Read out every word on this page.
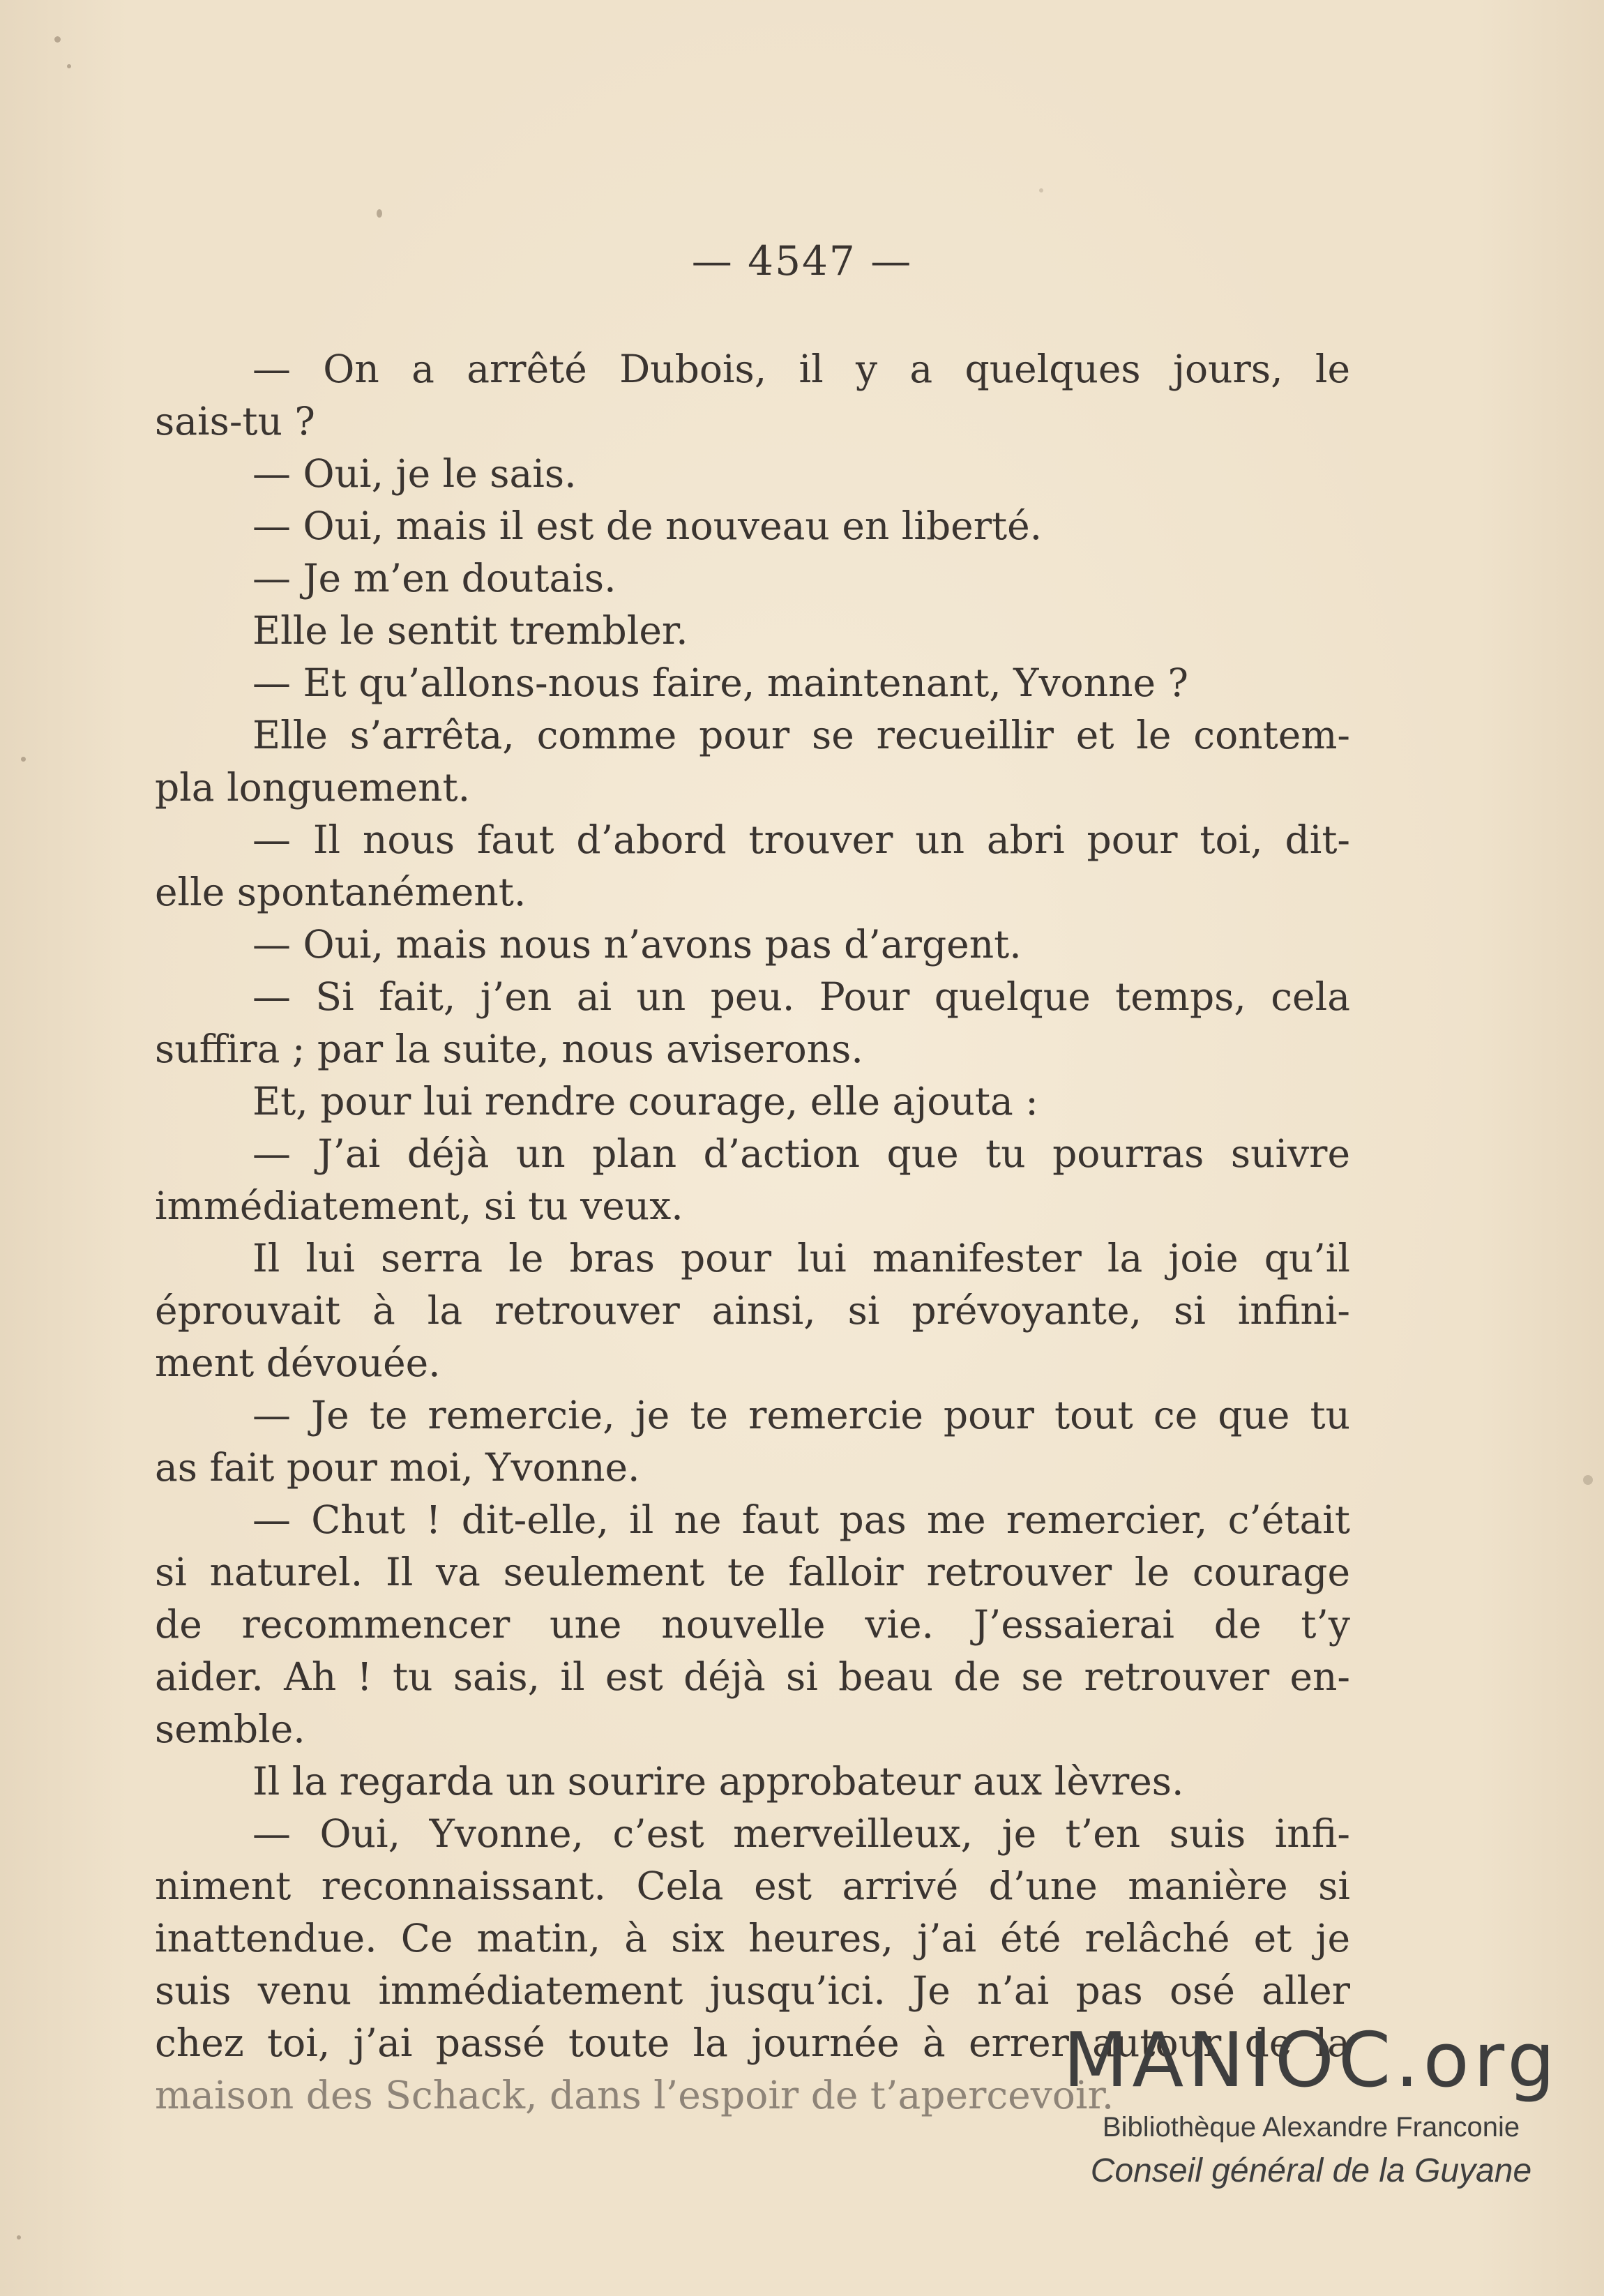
— 4547 —
— On a arrêté Dubois, il y a quelques jours, le
sais-tu ?
— Oui, je le sais.
— Oui, mais il est de nouveau en liberté.
— Je m’en doutais.
Elle le sentit trembler.
— Et qu’allons-nous faire, maintenant, Yvonne ?
Elle s’arrêta, comme pour se recueillir et le contem-
pla longuement.
— Il nous faut d’abord trouver un abri pour toi, dit-
elle spontanément.
— Oui, mais nous n’avons pas d’argent.
— Si fait, j’en ai un peu. Pour quelque temps, cela
suffira ; par la suite, nous aviserons.
Et, pour lui rendre courage, elle ajouta :
— J’ai déjà un plan d’action que tu pourras suivre
immédiatement, si tu veux.
Il lui serra le bras pour lui manifester la joie qu’il
éprouvait à la retrouver ainsi, si prévoyante, si infini-
ment dévouée.
— Je te remercie, je te remercie pour tout ce que tu
as fait pour moi, Yvonne.
— Chut ! dit-elle, il ne faut pas me remercier, c’était
si naturel. Il va seulement te falloir retrouver le courage
de recommencer une nouvelle vie. J’essaierai de t’y
aider. Ah ! tu sais, il est déjà si beau de se retrouver en-
semble.
Il la regarda un sourire approbateur aux lèvres.
— Oui, Yvonne, c’est merveilleux, je t’en suis infi-
niment reconnaissant. Cela est arrivé d’une manière si
inattendue. Ce matin, à six heures, j’ai été relâché et je
suis venu immédiatement jusqu’ici. Je n’ai pas osé aller
chez toi, j’ai passé toute la journée à errer autour de la
maison des Schack, dans l’espoir de t’apercevoir.
MANIOC.org
Bibliothèque Alexandre Franconie
Conseil général de la Guyane
